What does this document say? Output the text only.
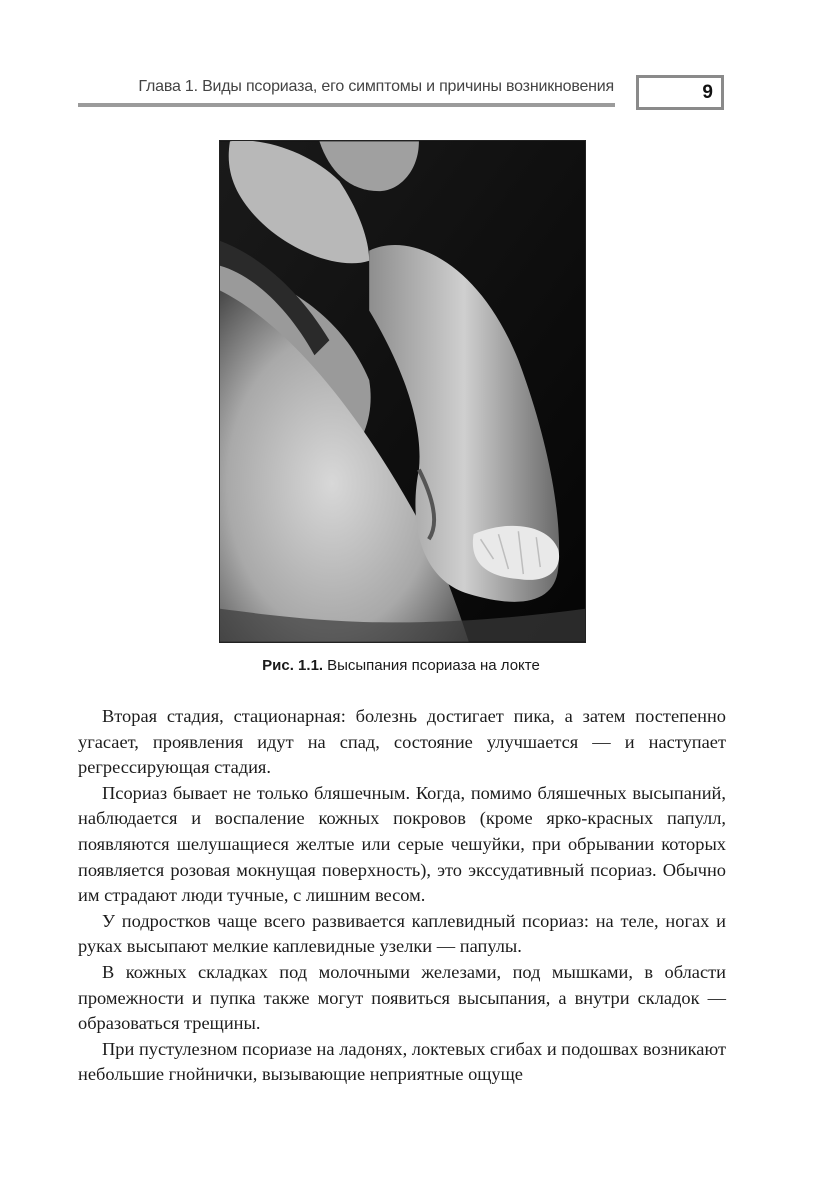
Глава 1. Виды псориаза, его симптомы и причины возникновения	9
Рис. 1.1. Высыпания псориаза на локте

Вторая стадия, стационарная: болезнь достигает пика, а затем постепенно угасает, проявления идут на спад, состояние улучшается — и наступает регрессирующая стадия.

Псориаз бывает не только бляшечным. Когда, помимо бляшечных высыпаний, наблюдается и воспаление кожных покровов (кроме ярко-красных папулл, появляются шелушащиеся желтые или серые чешуйки, при обрывании которых появляется розовая мокнущая поверхность), это экссудативный псориаз. Обычно им страдают люди тучные, с лишним весом.

У подростков чаще всего развивается каплевидный псориаз: на теле, ногах и руках высыпают мелкие каплевидные узелки — папулы.

В кожных складках под молочными железами, под мышками, в области промежности и пупка также могут появиться высыпания, а внутри складок — образоваться трещины.

При пустулезном псориазе на ладонях, локтевых сгибах и подошвах возникают небольшие гнойнички, вызывающие неприятные ощуще
